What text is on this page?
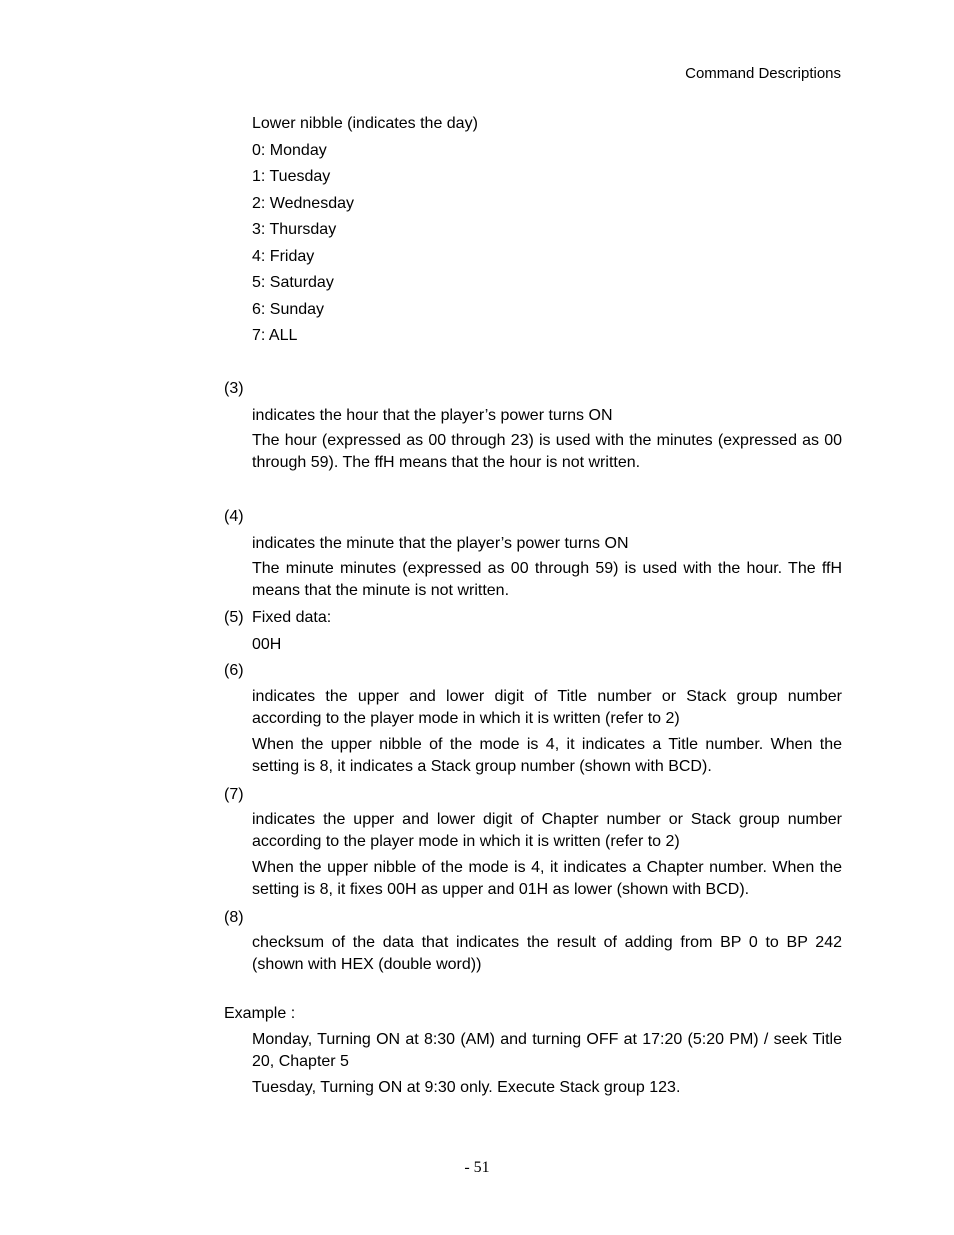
Command Descriptions
Lower nibble (indicates the day)
0: Monday
1: Tuesday
2: Wednesday
3: Thursday
4: Friday
5: Saturday
6: Sunday
7: ALL
(3)
indicates the hour that the player’s power turns ON
The hour (expressed as 00 through 23) is used with the minutes (expressed as 00 through 59). The ffH means that the hour is not written.
(4)
indicates the minute that the player’s power turns ON
The minute minutes (expressed as 00 through 59) is used with the hour. The ffH means that the minute is not written.
(5) Fixed data:
00H
(6)
indicates the upper and lower digit of Title number or Stack group number according to the player mode in which it is written (refer to 2)
When the upper nibble of the mode is 4, it indicates a Title number. When the setting is 8, it indicates a Stack group number (shown with BCD).
(7)
indicates the upper and lower digit of Chapter number or Stack group number according to the player mode in which it is written (refer to 2)
When the upper nibble of the mode is 4, it indicates a Chapter number. When the setting is 8, it fixes 00H as upper and 01H as lower (shown with BCD).
(8)
checksum of the data that indicates the result of adding from BP 0 to BP 242 (shown with HEX (double word))
Example :
Monday, Turning ON at 8:30 (AM) and turning OFF at 17:20 (5:20 PM) / seek Title 20, Chapter 5
Tuesday, Turning ON at 9:30 only. Execute Stack group 123.
- 51
